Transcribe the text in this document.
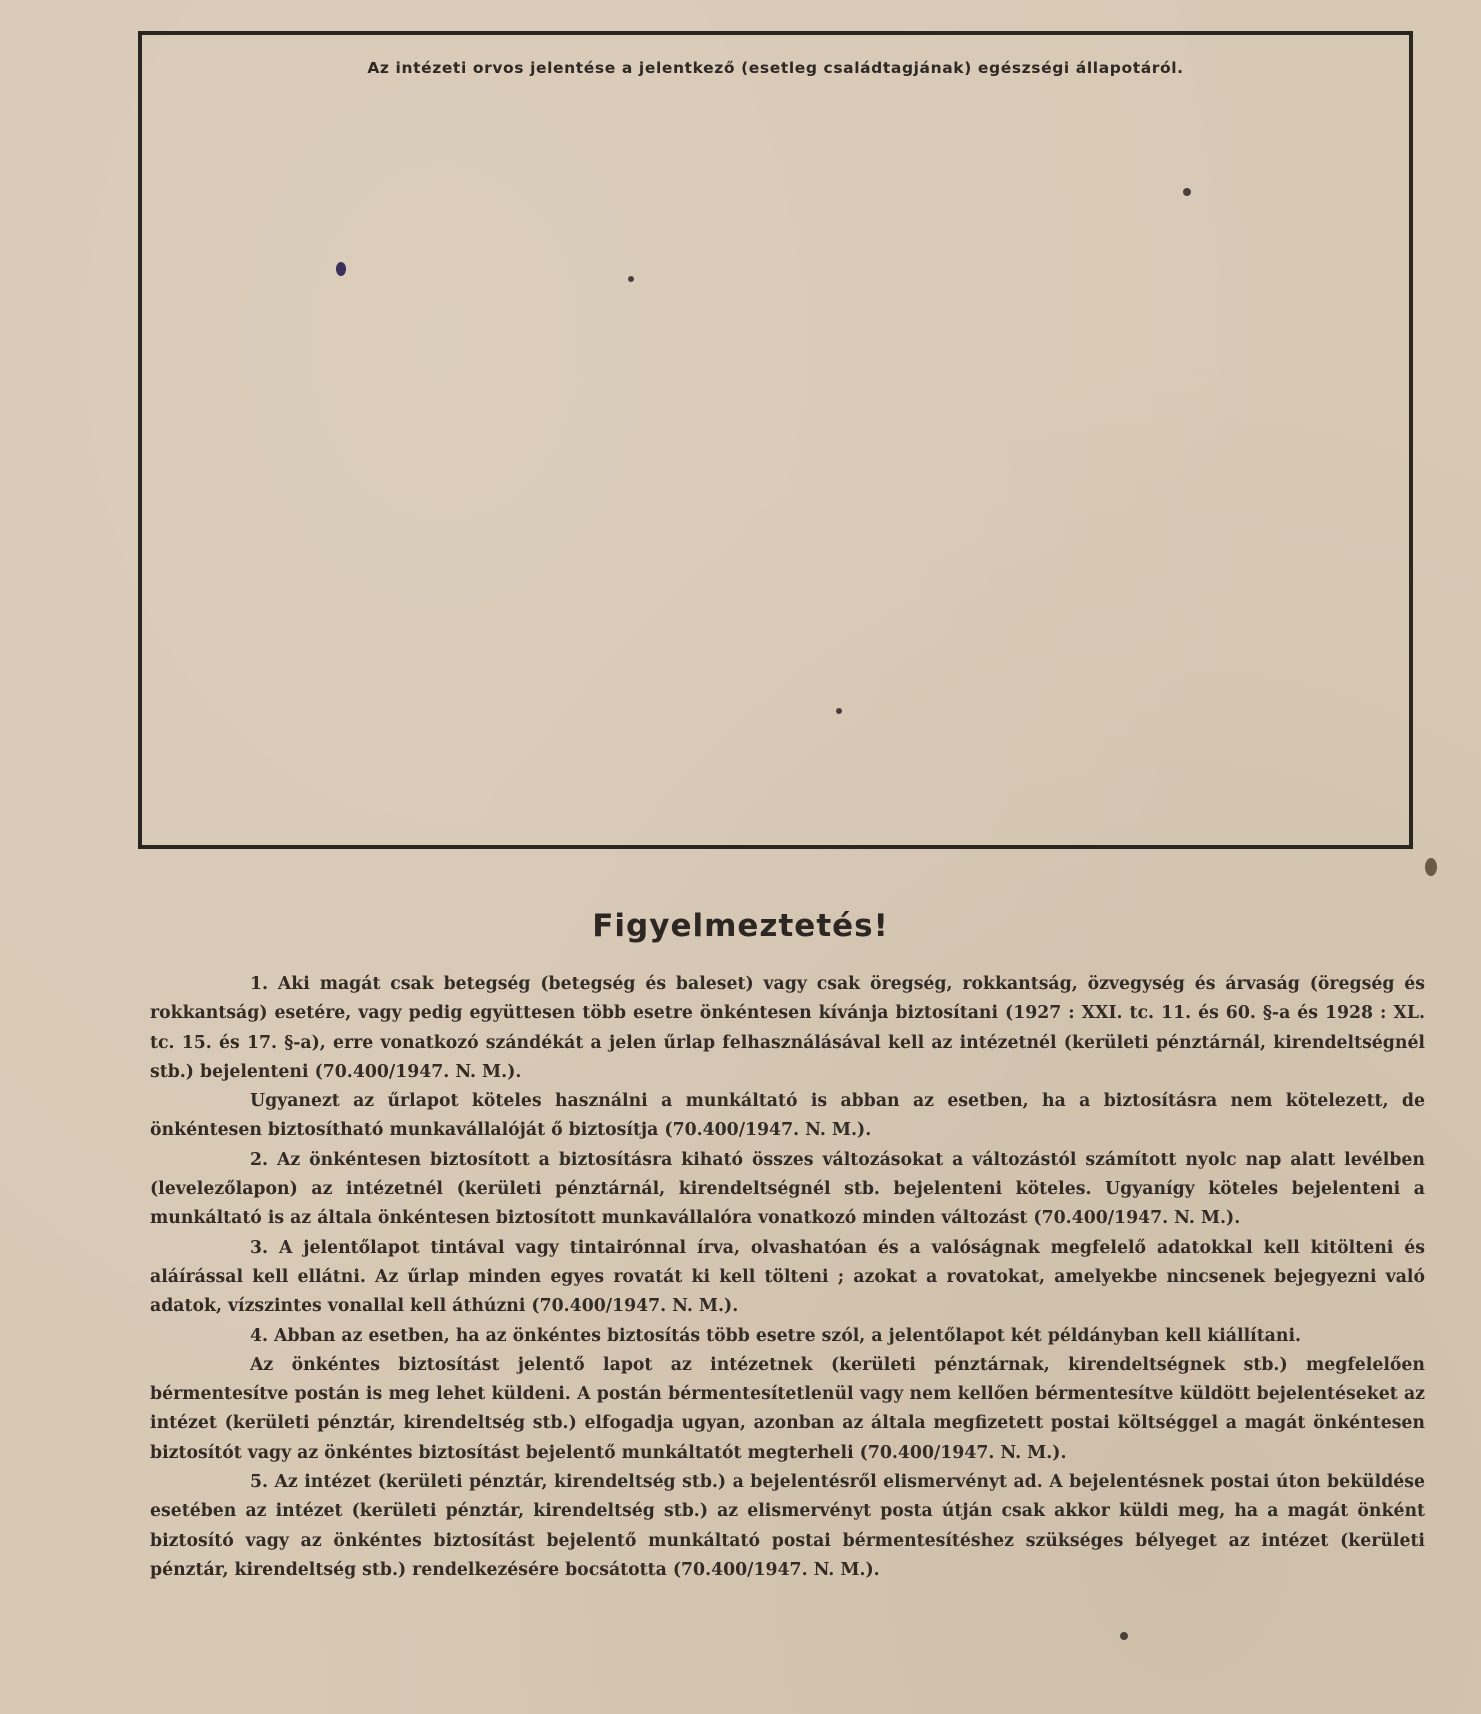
Az intézeti orvos jelentése a jelentkező (esetleg családtagjának) egészségi állapotáról.
Figyelmeztetés!

1. Aki magát csak betegség (betegség és baleset) vagy csak öregség, rokkantság, özvegység és árvaság (öregség és rokkantság) esetére, vagy pedig együttesen több esetre önkéntesen kívánja biztosítani (1927 : XXI. tc. 11. és 60. §-a és 1928 : XL. tc. 15. és 17. §-a), erre vonatkozó szándékát a jelen űrlap felhasználásával kell az intézetnél (kerületi pénztárnál, kirendeltségnél stb.) bejelenteni (70.400/1947. N. M.).

Ugyanezt az űrlapot köteles használni a munkáltató is abban az esetben, ha a biztosításra nem kötelezett, de önkéntesen biztosítható munkavállalóját ő biztosítja (70.400/1947. N. M.).

2. Az önkéntesen biztosított a biztosításra kiható összes változásokat a változástól számított nyolc nap alatt levélben (levelezőlapon) az intézetnél (kerületi pénztárnál, kirendeltségnél stb. bejelenteni köteles. Ugyanígy köteles bejelenteni a munkáltató is az általa önkéntesen biztosított munkavállalóra vonatkozó minden változást (70.400/1947. N. M.).

3. A jelentőlapot tintával vagy tintairónnal írva, olvashatóan és a valóságnak megfelelő adatokkal kell kitölteni és aláírással kell ellátni. Az űrlap minden egyes rovatát ki kell tölteni ; azokat a rovatokat, amelyekbe nincsenek bejegyezni való adatok, vízszintes vonallal kell áthúzni (70.400/1947. N. M.).

4. Abban az esetben, ha az önkéntes biztosítás több esetre szól, a jelentőlapot két példányban kell kiállítani.

Az önkéntes biztosítást jelentő lapot az intézetnek (kerületi pénztárnak, kirendeltségnek stb.) megfelelően bérmentesítve postán is meg lehet küldeni. A postán bérmentesítetlenül vagy nem kellően bérmentesítve küldött bejelentéseket az intézet (kerületi pénztár, kirendeltség stb.) elfogadja ugyan, azonban az általa megfizetett postai költséggel a magát önkéntesen biztosítót vagy az önkéntes biztosítást bejelentő munkáltatót megterheli (70.400/1947. N. M.).

5. Az intézet (kerületi pénztár, kirendeltség stb.) a bejelentésről elismervényt ad. A bejelentésnek postai úton beküldése esetében az intézet (kerületi pénztár, kirendeltség stb.) az elismervényt posta útján csak akkor küldi meg, ha a magát önként biztosító vagy az önkéntes biztosítást bejelentő munkáltató postai bérmentesítéshez szükséges bélyeget az intézet (kerületi pénztár, kirendeltség stb.) rendelkezésére bocsátotta (70.400/1947. N. M.).
